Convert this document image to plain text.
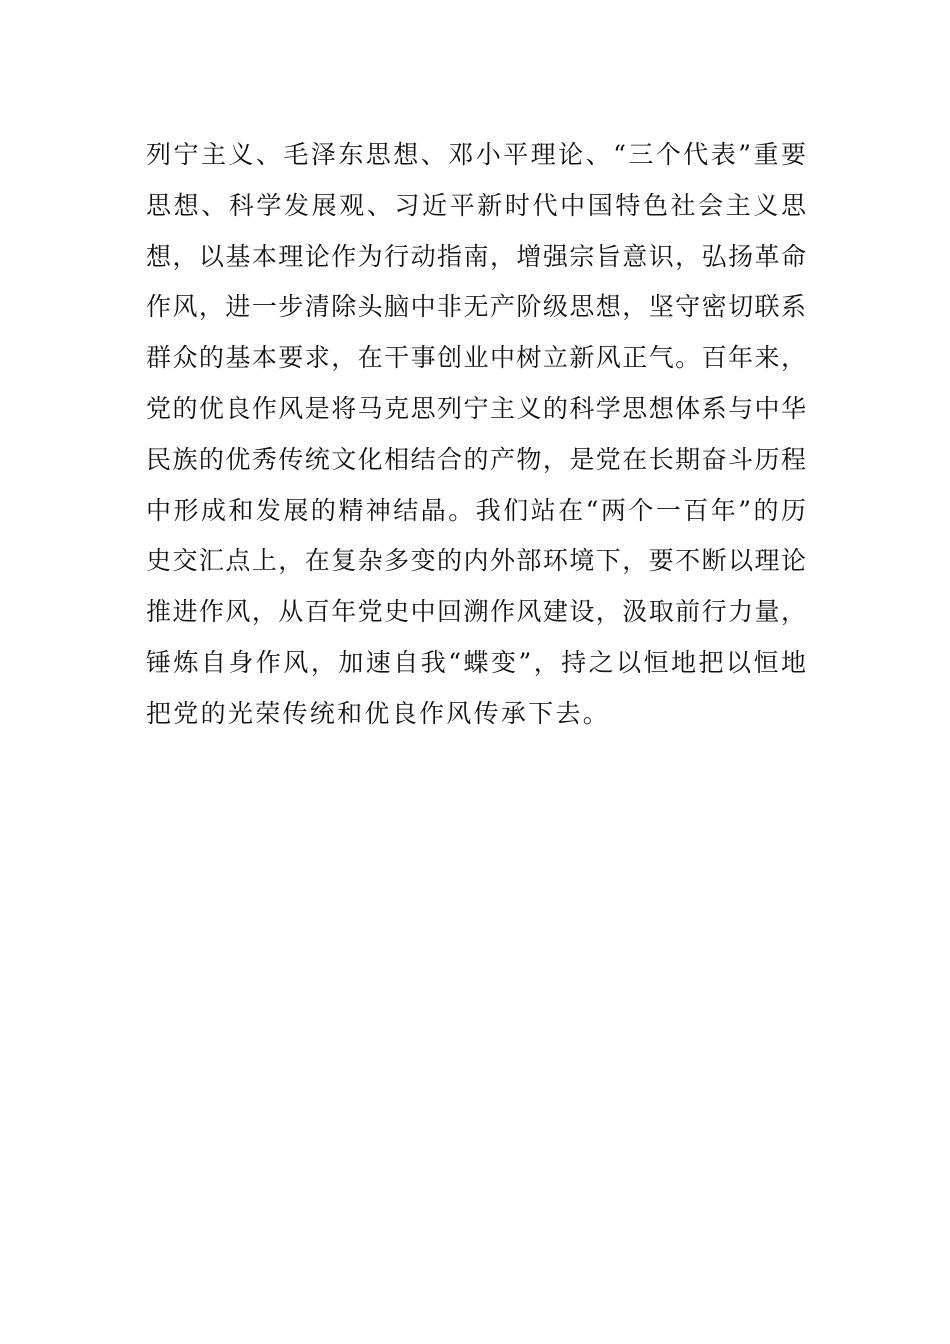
列宁主义、毛泽东思想、邓小平理论、“三个代表”重要
思想、科学发展观、习近平新时代中国特色社会主义思
想，以基本理论作为行动指南，增强宗旨意识，弘扬革命
作风，进一步清除头脑中非无产阶级思想，坚守密切联系
群众的基本要求，在干事创业中树立新风正气。百年来，
党的优良作风是将马克思列宁主义的科学思想体系与中华
民族的优秀传统文化相结合的产物，是党在长期奋斗历程
中形成和发展的精神结晶。我们站在“两个一百年”的历
史交汇点上，在复杂多变的内外部环境下，要不断以理论
推进作风，从百年党史中回溯作风建设，汲取前行力量，
锤炼自身作风，加速自我“蝶变”，持之以恒地把以恒地
把党的光荣传统和优良作风传承下去。
